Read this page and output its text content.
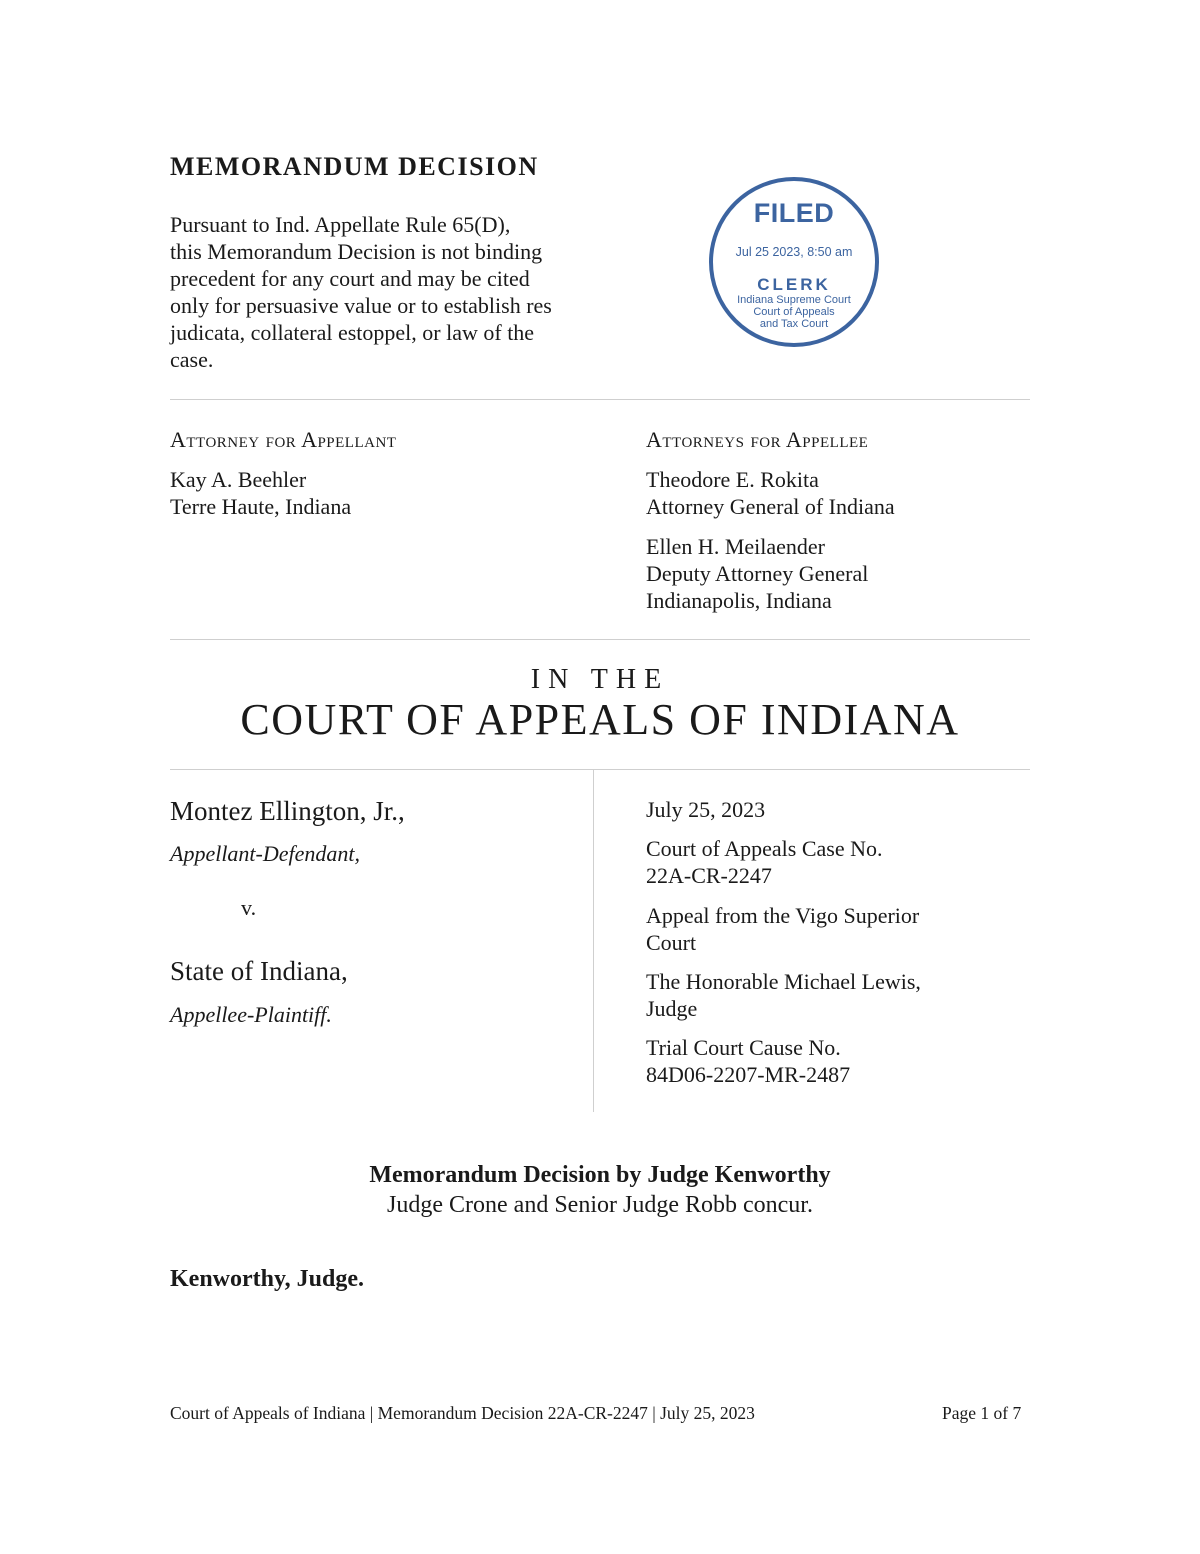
MEMORANDUM DECISION
Pursuant to Ind. Appellate Rule 65(D),
this Memorandum Decision is not binding
precedent for any court and may be cited
only for persuasive value or to establish res
judicata, collateral estoppel, or law of the
case.
FILED
Jul 25 2023, 8:50 am
CLERK
Indiana Supreme Court
Court of Appeals
and Tax Court
Attorney for Appellant
Kay A. Beehler
Terre Haute, Indiana
Attorneys for Appellee
Theodore E. Rokita
Attorney General of Indiana
Ellen H. Meilaender
Deputy Attorney General
Indianapolis, Indiana
IN THE
COURT OF APPEALS OF INDIANA
Montez Ellington, Jr.,
Appellant-Defendant,
v.
State of Indiana,
Appellee-Plaintiff.
July 25, 2023
Court of Appeals Case No.
22A-CR-2247
Appeal from the Vigo Superior
Court
The Honorable Michael Lewis,
Judge
Trial Court Cause No.
84D06-2207-MR-2487
Memorandum Decision by Judge Kenworthy
Judge Crone and Senior Judge Robb concur.
Kenworthy, Judge.
Court of Appeals of Indiana | Memorandum Decision 22A-CR-2247 | July 25, 2023	Page 1 of 7
